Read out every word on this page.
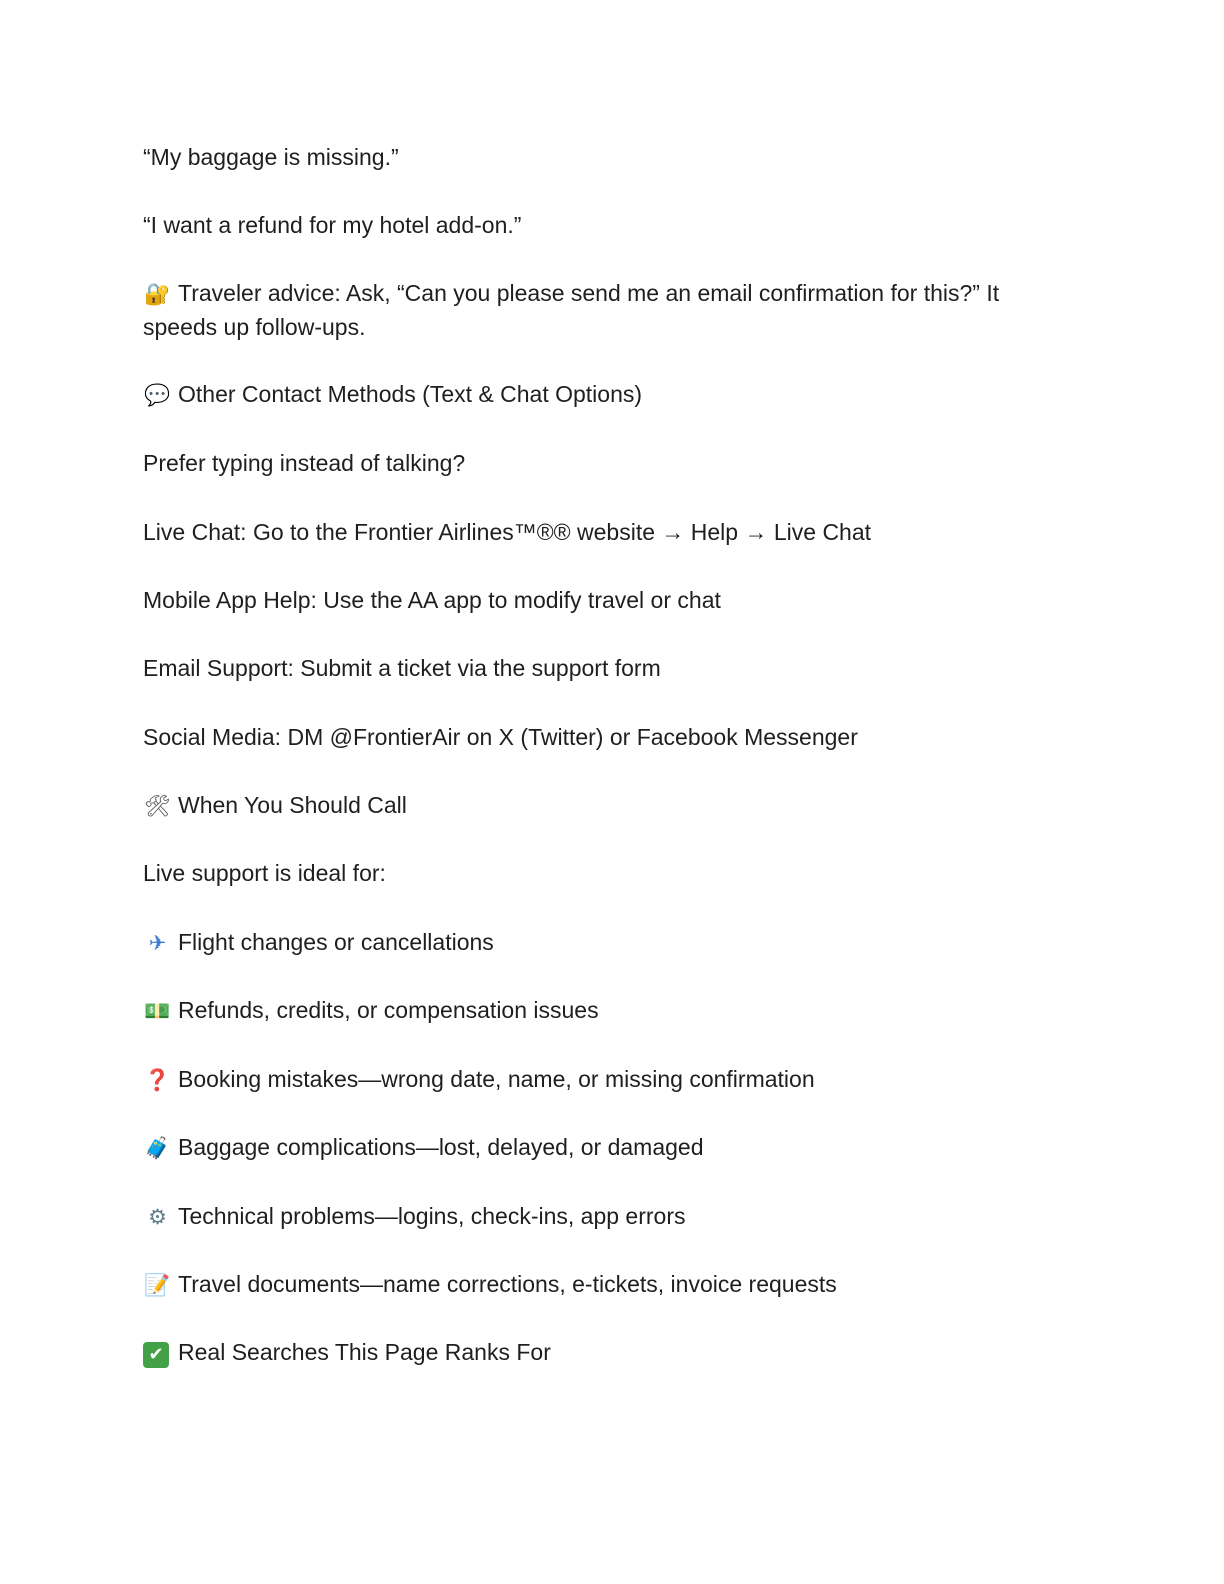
“My baggage is missing.”

“I want a refund for my hotel add-on.”

🔐 Traveler advice: Ask, “Can you please send me an email confirmation for this?” It speeds up follow-ups.

💬 Other Contact Methods (Text & Chat Options)

Prefer typing instead of talking?

Live Chat: Go to the Frontier Airlines™®® website → Help → Live Chat

Mobile App Help: Use the AA app to modify travel or chat

Email Support: Submit a ticket via the support form

Social Media: DM @FrontierAir on X (Twitter) or Facebook Messenger

🛠 When You Should Call

Live support is ideal for:

✈ Flight changes or cancellations

💵 Refunds, credits, or compensation issues

❓ Booking mistakes—wrong date, name, or missing confirmation

🧳 Baggage complications—lost, delayed, or damaged

⚙ Technical problems—logins, check-ins, app errors

📝 Travel documents—name corrections, e-tickets, invoice requests

✔ Real Searches This Page Ranks For
